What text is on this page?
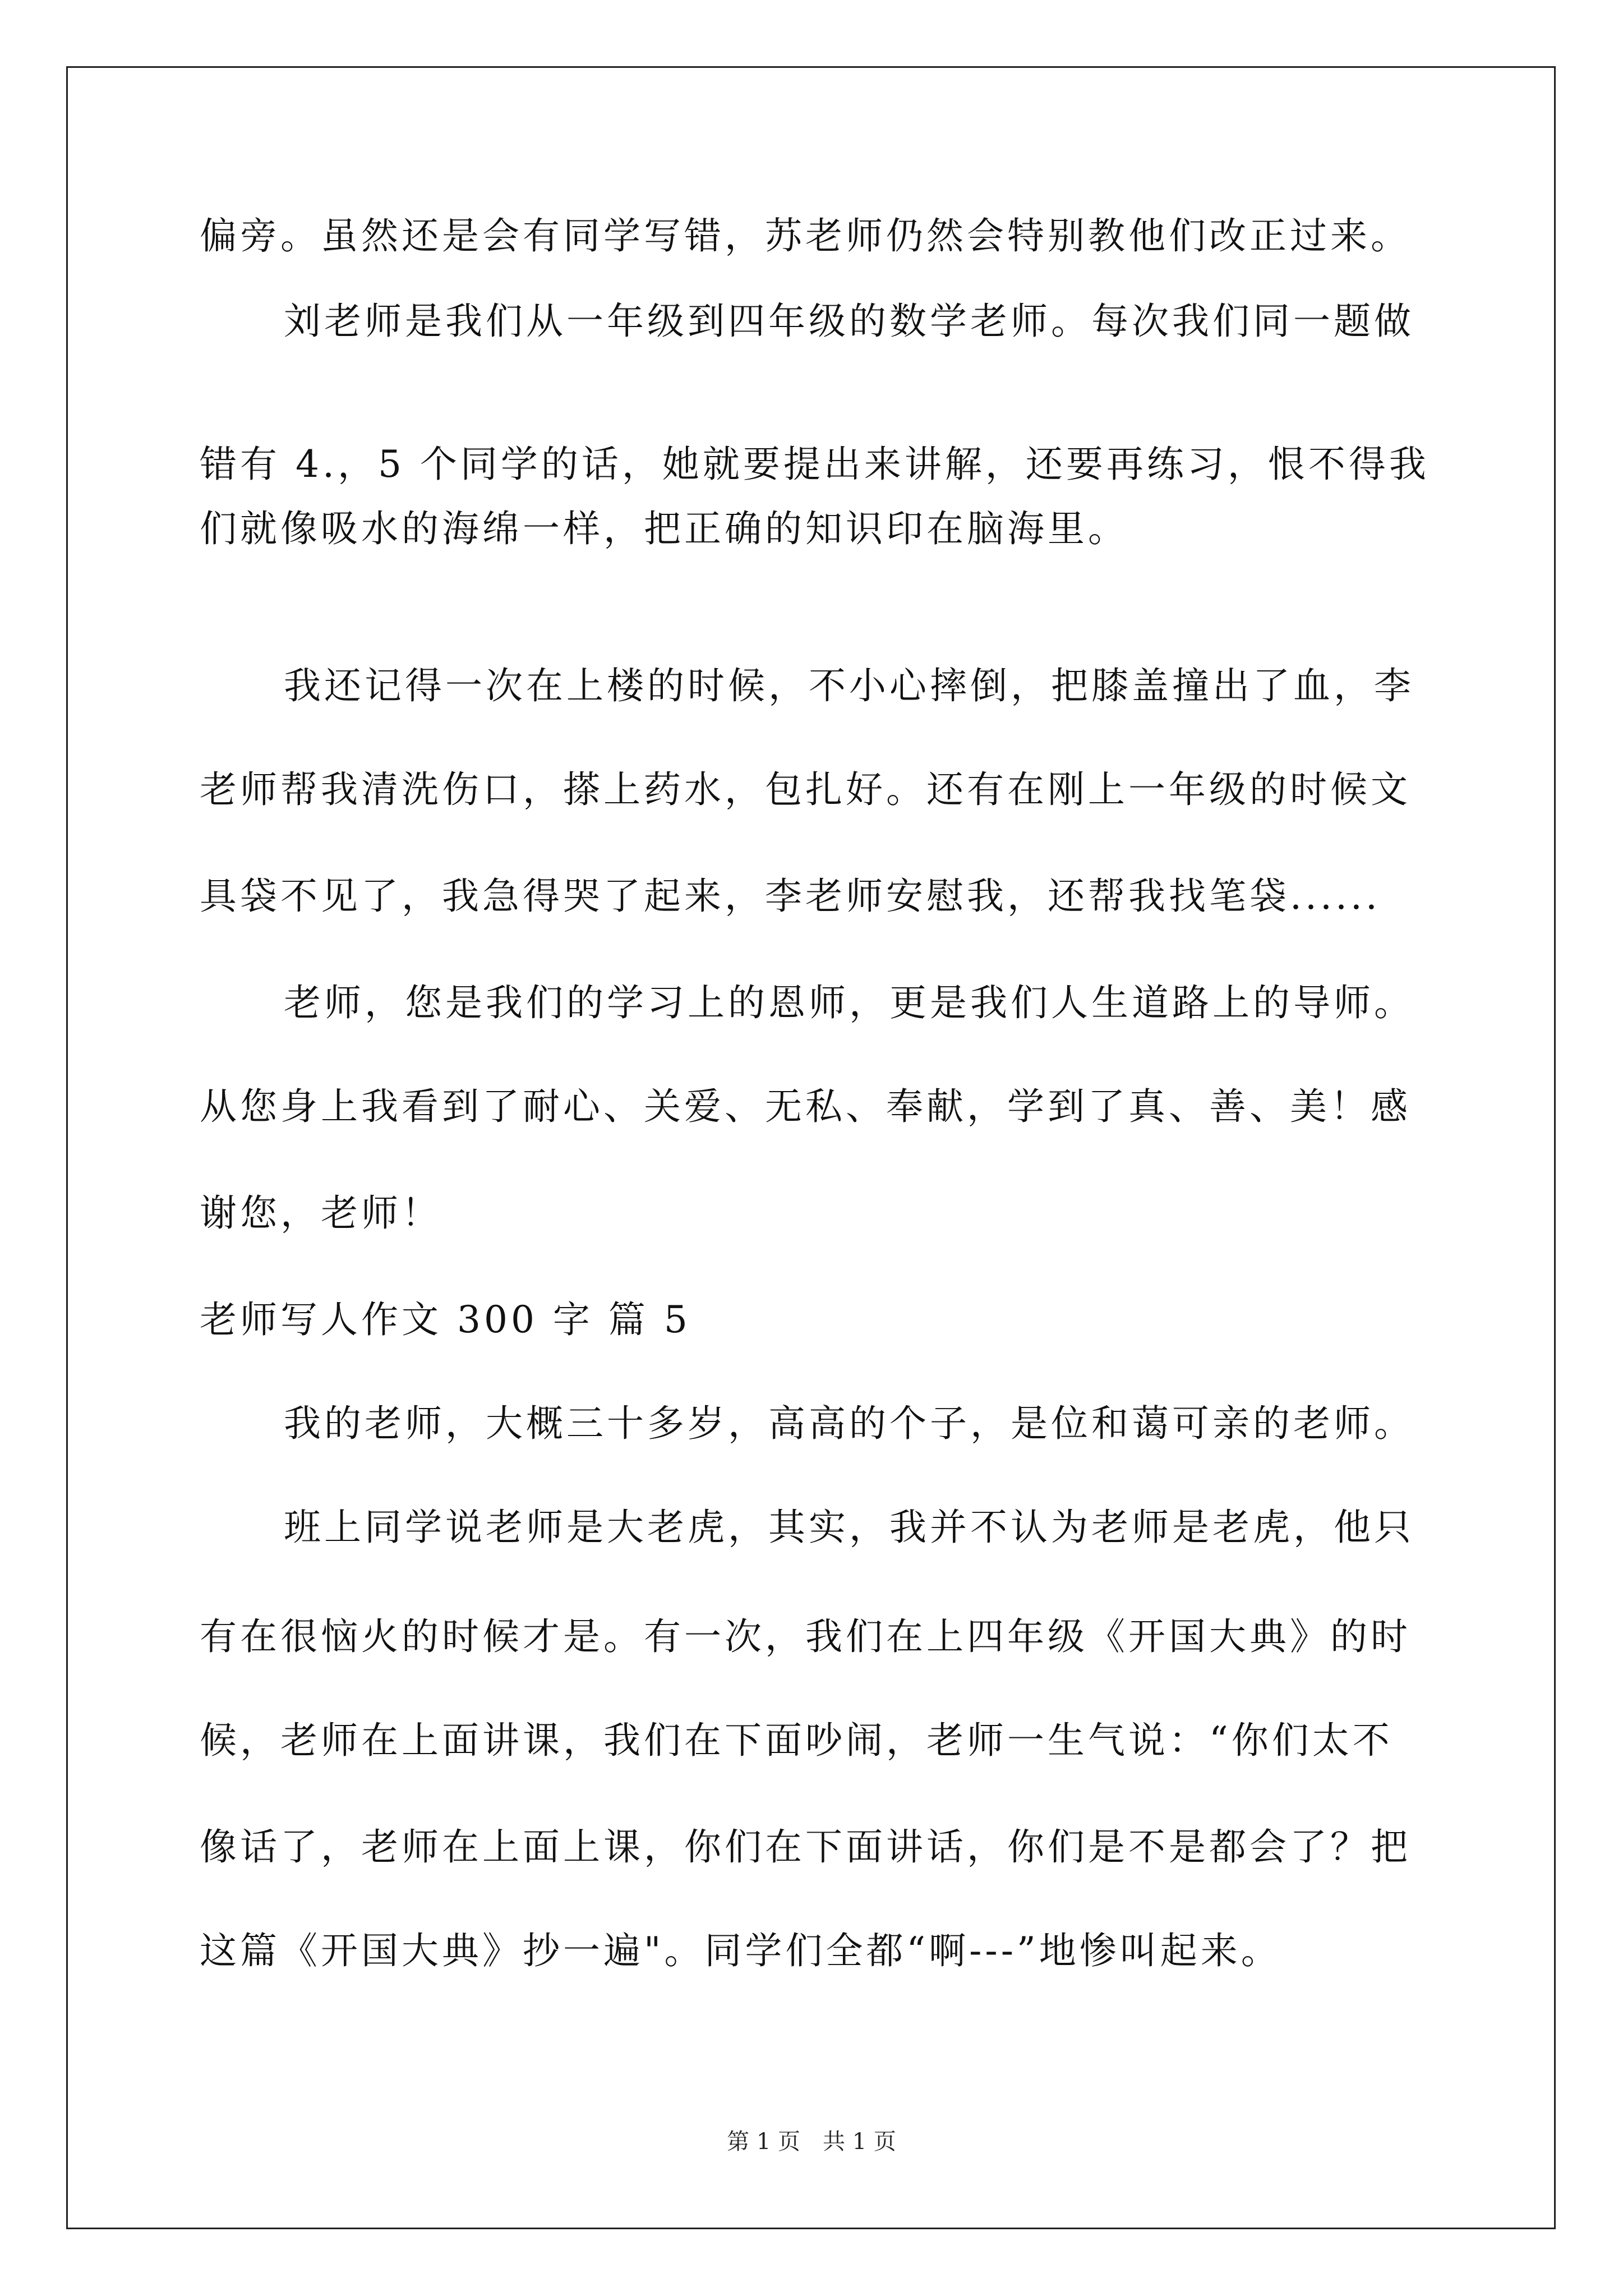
偏旁。虽然还是会有同学写错，苏老师仍然会特别教他们改正过来。
刘老师是我们从一年级到四年级的数学老师。每次我们同一题做
错有 4.，5 个同学的话，她就要提出来讲解，还要再练习，恨不得我
们就像吸水的海绵一样，把正确的知识印在脑海里。
我还记得一次在上楼的时候，不小心摔倒，把膝盖撞出了血，李
老师帮我清洗伤口，搽上药水，包扎好。还有在刚上一年级的时候文
具袋不见了，我急得哭了起来，李老师安慰我，还帮我找笔袋......
老师，您是我们的学习上的恩师，更是我们人生道路上的导师。
从您身上我看到了耐心、关爱、无私、奉献，学到了真、善、美！感
谢您，老师！
老师写人作文 300 字 篇 5
我的老师，大概三十多岁，高高的个子，是位和蔼可亲的老师。
班上同学说老师是大老虎，其实，我并不认为老师是老虎，他只
有在很恼火的时候才是。有一次，我们在上四年级《开国大典》的时
候，老师在上面讲课，我们在下面吵闹，老师一生气说：“你们太不
像话了，老师在上面上课，你们在下面讲话，你们是不是都会了？把
这篇《开国大典》抄一遍"。同学们全都“啊---”地惨叫起来。
第 1 页 共 1 页
